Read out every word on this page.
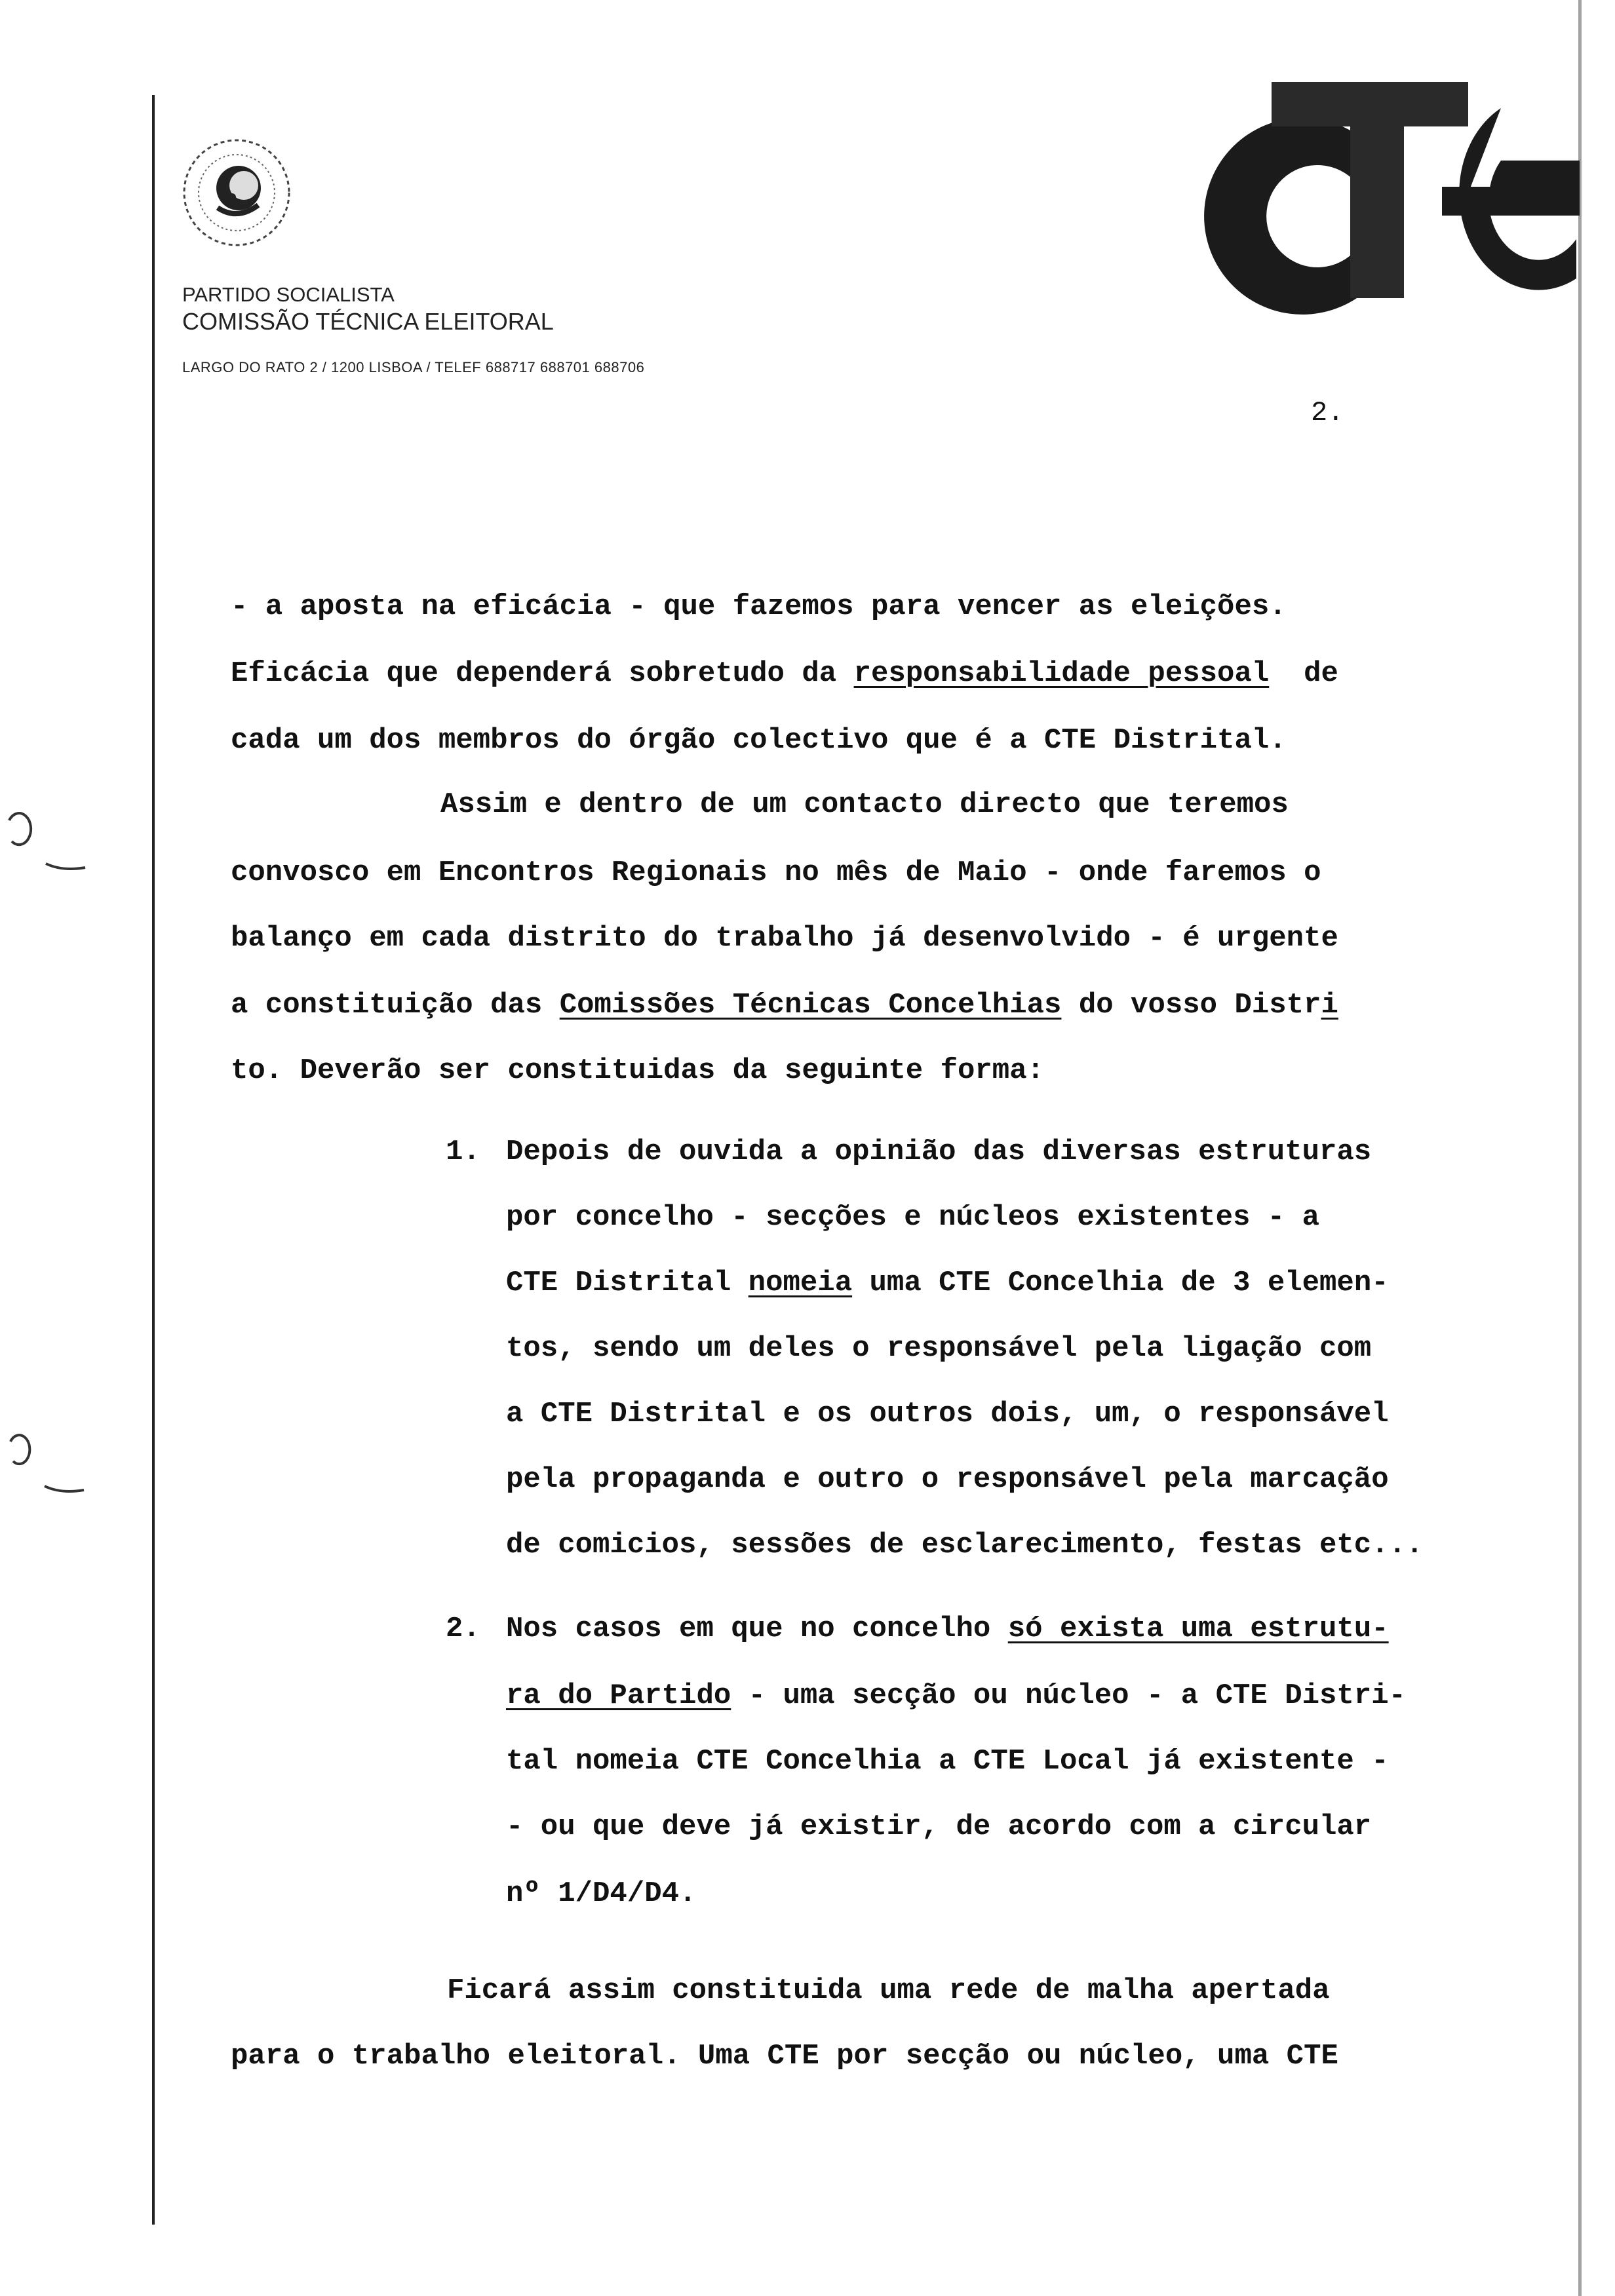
PARTIDO SOCIALISTA
COMISSÃO TÉCNICA ELEITORAL
LARGO DO RATO 2 / 1200 LISBOA / TELEF 688717 688701 688706
CTE
2.
- a aposta na eficácia - que fazemos para vencer as eleições.
Eficácia que dependerá sobretudo da responsabilidade pessoal  de
cada um dos membros do órgão colectivo que é a CTE Distrital.
Assim e dentro de um contacto directo que teremos
convosco em Encontros Regionais no mês de Maio - onde faremos o
balanço em cada distrito do trabalho já desenvolvido - é urgente
a constituição das Comissões Técnicas Concelhias do vosso Distri
to. Deverão ser constituidas da seguinte forma:
1. Depois de ouvida a opinião das diversas estruturas
por concelho - secções e núcleos existentes - a
CTE Distrital nomeia uma CTE Concelhia de 3 elemen-
tos, sendo um deles o responsável pela ligação com
a CTE Distrital e os outros dois, um, o responsável
pela propaganda e outro o responsável pela marcação
de comicios, sessões de esclarecimento, festas etc...
2. Nos casos em que no concelho só exista uma estrutu-
ra do Partido - uma secção ou núcleo - a CTE Distri-
tal nomeia CTE Concelhia a CTE Local já existente -
- ou que deve já existir, de acordo com a circular
nº 1/D4/D4.
Ficará assim constituida uma rede de malha apertada
para o trabalho eleitoral. Uma CTE por secção ou núcleo, uma CTE
